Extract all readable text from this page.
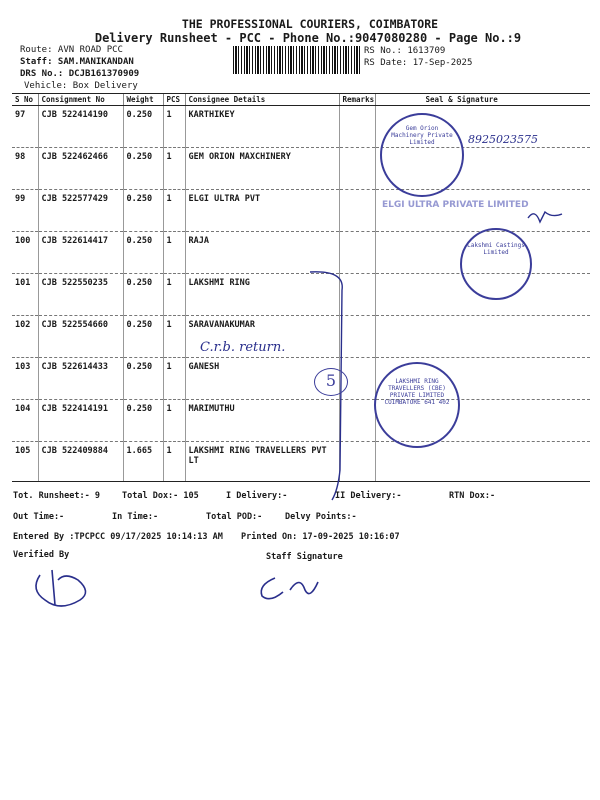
THE PROFESSIONAL COURIERS, COIMBATORE
Delivery Runsheet - PCC - Phone No.:9047080280 - Page No.:9
Route: AVN ROAD PCC
Staff: SAM.MANIKANDAN
DRS No.: DCJB161370909
Vehicle: Box Delivery
RS No.: 1613709
RS Date: 17-Sep-2025
S No	Consignment No	Weight	PCS	Consignee Details	Remarks	Seal & Signature
97	CJB 522414190	0.250	1	KARTHIKEY		
98	CJB 522462466	0.250	1	GEM ORION MAXCHINERY		
99	CJB 522577429	0.250	1	ELGI ULTRA PVT		
100	CJB 522614417	0.250	1	RAJA		
101	CJB 522550235	0.250	1	LAKSHMI RING		
102	CJB 522554660	0.250	1	SARAVANAKUMAR		
103	CJB 522614433	0.250	1	GANESH		
104	CJB 522414191	0.250	1	MARIMUTHU		
105	CJB 522409884	1.665	1	LAKSHMI RING TRAVELLERS PVT LT		
C.r.b. return.
5
8925023575
Gem Orion Machinery Private Limited
ELGI ULTRA PRIVATE LIMITED
Lakshmi Castings Limited
LAKSHMI RING TRAVELLERS (CBE) PRIVATE LIMITED COIMBATORE 641 402
Tot. Runsheet:- 9	Total Dox:- 105	I Delivery:-	II Delivery:-	RTN Dox:-
Out Time:-	In Time:-	Total POD:-	Delvy Points:-
Entered By :TPCPCC 09/17/2025 10:14:13 AM Printed On: 17-09-2025 10:16:07
Verified By	Staff Signature
